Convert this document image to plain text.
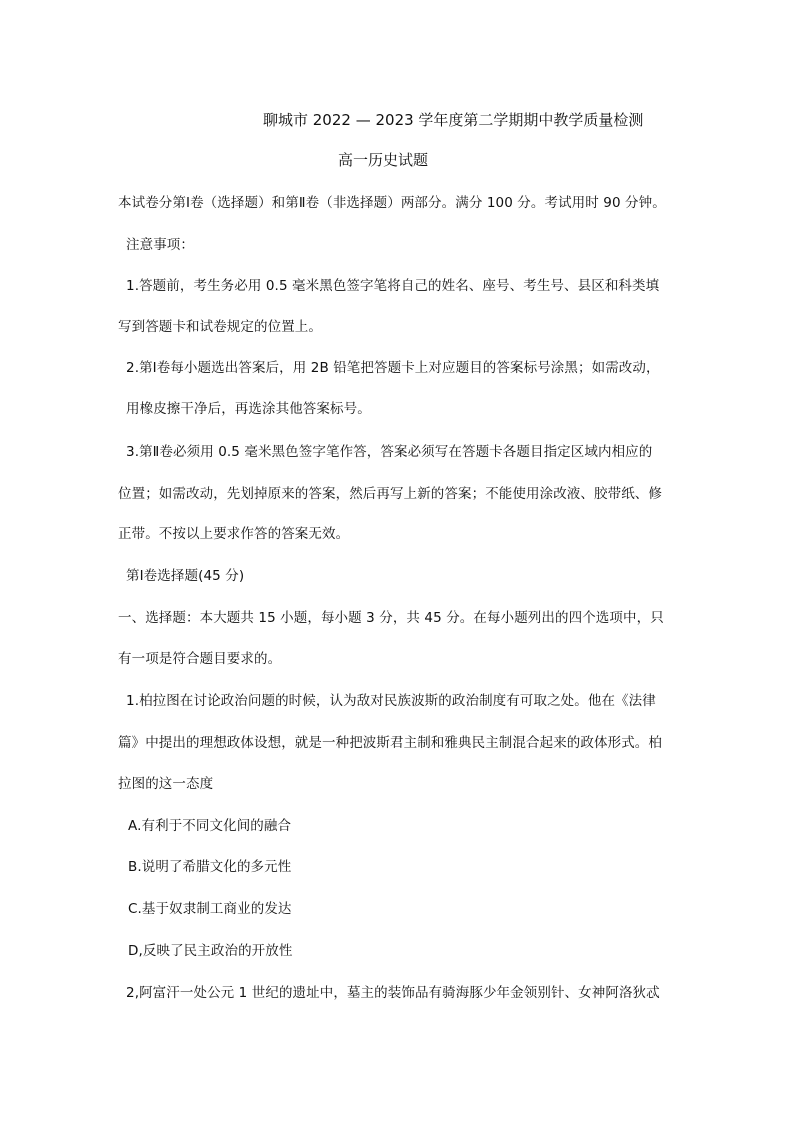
聊城市 2022 — 2023 学年度第二学期期中教学质量检测
高一历史试题
本试卷分第Ⅰ卷（选择题）和第Ⅱ卷（非选择题）两部分。满分 100 分。考试用时 90 分钟。
注意事项：
1.答题前，考生务必用 0.5 毫米黑色签字笔将自己的姓名、座号、考生号、县区和科类填
写到答题卡和试卷规定的位置上。
2.第Ⅰ卷每小题选出答案后，用 2B 铅笔把答题卡上对应题目的答案标号涂黑；如需改动，
用橡皮擦干净后，再选涂其他答案标号。
3.第Ⅱ卷必须用 0.5 毫米黑色签字笔作答，答案必须写在答题卡各题目指定区域内相应的
位置；如需改动，先划掉原来的答案，然后再写上新的答案；不能使用涂改液、胶带纸、修
正带。不按以上要求作答的答案无效。
第Ⅰ卷选择题(45 分)
一、选择题：本大题共 15 小题，每小题 3 分，共 45 分。在每小题列出的四个选项中，只
有一项是符合题目要求的。
1.柏拉图在讨论政治问题的时候，认为敌对民族波斯的政治制度有可取之处。他在《法律
篇》中提出的理想政体设想，就是一种把波斯君主制和雅典民主制混合起来的政体形式。柏
拉图的这一态度
A.有利于不同文化间的融合
B.说明了希腊文化的多元性
C.基于奴隶制工商业的发达
D,反映了民主政治的开放性
2,阿富汗一处公元 1 世纪的遗址中，墓主的装饰品有骑海豚少年金领别针、女神阿洛狄忒
